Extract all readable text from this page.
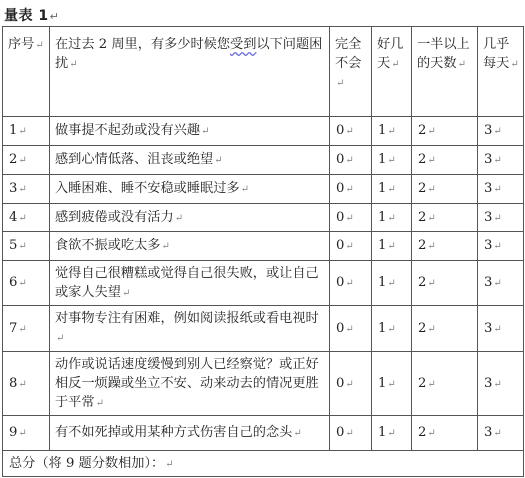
量表 1↵
序号↵	在过去 2 周里，有多少时候您受到以下问题困扰↵	完全不会↵	好几天↵	一半以上的天数↵	几乎每天↵
1↵	做事提不起劲或没有兴趣↵	0↵	1↵	2↵	3↵
2↵	感到心情低落、沮丧或绝望↵	0↵	1↵	2↵	3↵
3↵	入睡困难、睡不安稳或睡眠过多↵	0↵	1↵	2↵	3↵
4↵	感到疲倦或没有活力↵	0↵	1↵	2↵	3↵
5↵	食欲不振或吃太多↵	0↵	1↵	2↵	3↵
6↵	觉得自己很糟糕或觉得自己很失败，或让自己或家人失望↵	0↵	1↵	2↵	3↵
7↵	对事物专注有困难，例如阅读报纸或看电视时↵	0↵	1↵	2↵	3↵
8↵	动作或说话速度缓慢到别人已经察觉？或正好相反一烦躁或坐立不安、动来动去的情况更胜于平常↵	0↵	1↵	2↵	3↵
9↵	有不如死掉或用某种方式伤害自己的念头↵	0↵	1↵	2↵	3↵
总分（将 9 题分数相加）：↵					
